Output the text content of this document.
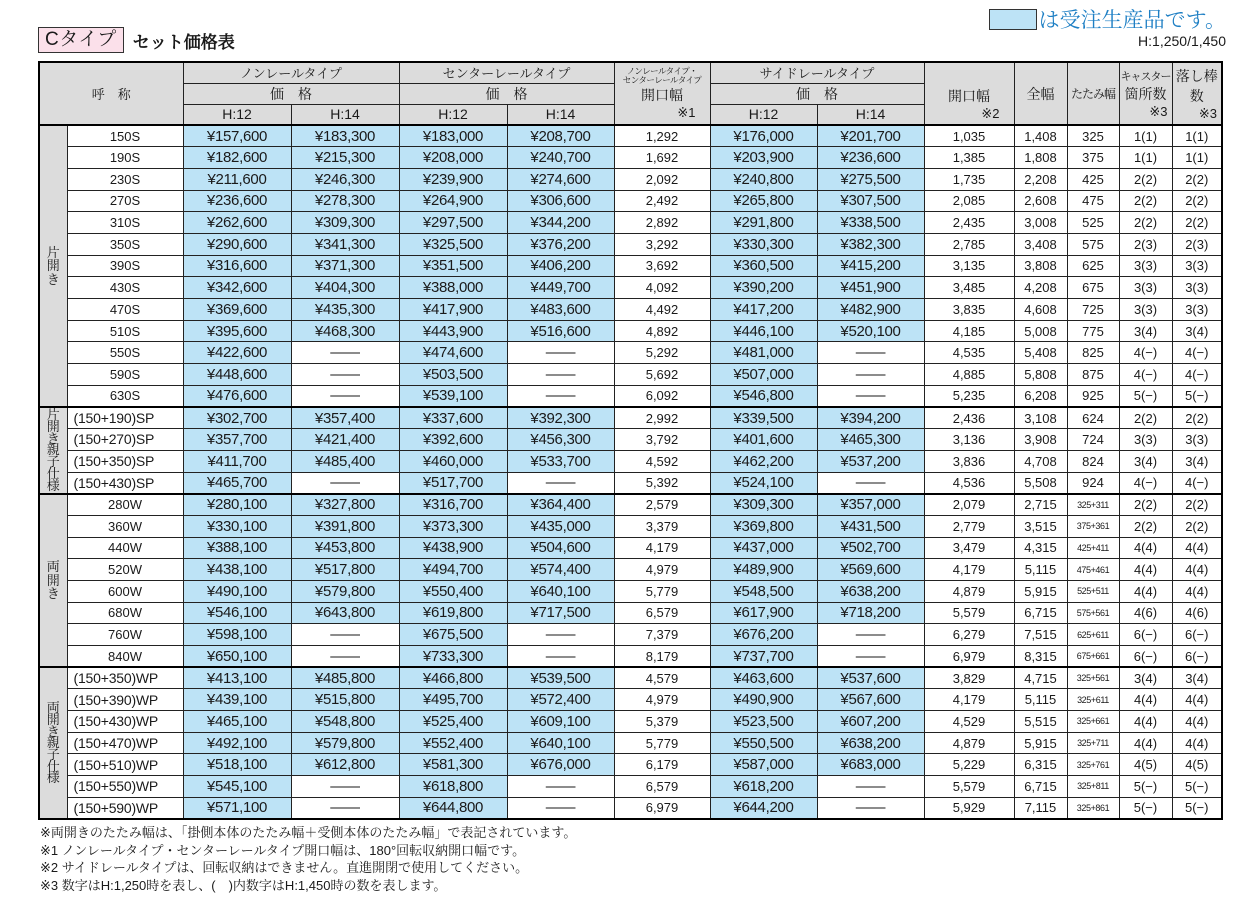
Cタイプ セット価格表
は受注生産品です。
H:1,250/1,450
呼　称		ノンレールタイプ		センターレールタイプ		ノンレールタイプ・
センターレールタイプ
開口幅
※1	サイドレールタイプ		開口幅
※2	全幅	たたみ幅	キャスター
箇所数
※3	落し棒
数
※3

		価　格		価　格			価　格						
		H:12	H:14	H:12	H:14		H:12	H:14					

片
開
き	150S	¥157,600	¥183,300	¥183,000	¥208,700	1,292	¥176,000	¥201,700	1,035	1,408	325	1(1)	1(1)
	190S	¥182,600	¥215,300	¥208,000	¥240,700	1,692	¥203,900	¥236,600	1,385	1,808	375	1(1)	1(1)
	230S	¥211,600	¥246,300	¥239,900	¥274,600	2,092	¥240,800	¥275,500	1,735	2,208	425	2(2)	2(2)
	270S	¥236,600	¥278,300	¥264,900	¥306,600	2,492	¥265,800	¥307,500	2,085	2,608	475	2(2)	2(2)
	310S	¥262,600	¥309,300	¥297,500	¥344,200	2,892	¥291,800	¥338,500	2,435	3,008	525	2(2)	2(2)
	350S	¥290,600	¥341,300	¥325,500	¥376,200	3,292	¥330,300	¥382,300	2,785	3,408	575	2(3)	2(3)
	390S	¥316,600	¥371,300	¥351,500	¥406,200	3,692	¥360,500	¥415,200	3,135	3,808	625	3(3)	3(3)
	430S	¥342,600	¥404,300	¥388,000	¥449,700	4,092	¥390,200	¥451,900	3,485	4,208	675	3(3)	3(3)
	470S	¥369,600	¥435,300	¥417,900	¥483,600	4,492	¥417,200	¥482,900	3,835	4,608	725	3(3)	3(3)
	510S	¥395,600	¥468,300	¥443,900	¥516,600	4,892	¥446,100	¥520,100	4,185	5,008	775	3(4)	3(4)
	550S	¥422,600	——	¥474,600	——	5,292	¥481,000	——	4,535	5,408	825	4(−)	4(−)
	590S	¥448,600	——	¥503,500	——	5,692	¥507,000	——	4,885	5,808	875	4(−)	4(−)
	630S	¥476,600	——	¥539,100	——	6,092	¥546,800	——	5,235	6,208	925	5(−)	5(−)

片
開
き
親
子
仕
様
	(150+190)SP	¥302,700	¥357,400	¥337,600	¥392,300	2,992	¥339,500	¥394,200	2,436	3,108	624	2(2)	2(2)
	(150+270)SP	¥357,700	¥421,400	¥392,600	¥456,300	3,792	¥401,600	¥465,300	3,136	3,908	724	3(3)	3(3)
	(150+350)SP	¥411,700	¥485,400	¥460,000	¥533,700	4,592	¥462,200	¥537,200	3,836	4,708	824	3(4)	3(4)
	(150+430)SP	¥465,700	——	¥517,700	——	5,392	¥524,100	——	4,536	5,508	924	4(−)	4(−)

両
開
き	280W	¥280,100	¥327,800	¥316,700	¥364,400	2,579	¥309,300	¥357,000	2,079	2,715	325+311	2(2)	2(2)
	360W	¥330,100	¥391,800	¥373,300	¥435,000	3,379	¥369,800	¥431,500	2,779	3,515	375+361	2(2)	2(2)
	440W	¥388,100	¥453,800	¥438,900	¥504,600	4,179	¥437,000	¥502,700	3,479	4,315	425+411	4(4)	4(4)
	520W	¥438,100	¥517,800	¥494,700	¥574,400	4,979	¥489,900	¥569,600	4,179	5,115	475+461	4(4)	4(4)
	600W	¥490,100	¥579,800	¥550,400	¥640,100	5,779	¥548,500	¥638,200	4,879	5,915	525+511	4(4)	4(4)
	680W	¥546,100	¥643,800	¥619,800	¥717,500	6,579	¥617,900	¥718,200	5,579	6,715	575+561	4(6)	4(6)
	760W	¥598,100	——	¥675,500	——	7,379	¥676,200	——	6,279	7,515	625+611	6(−)	6(−)
	840W	¥650,100	——	¥733,300	——	8,179	¥737,700	——	6,979	8,315	675+661	6(−)	6(−)

両
開
き
親
子
仕
様
	(150+350)WP	¥413,100	¥485,800	¥466,800	¥539,500	4,579	¥463,600	¥537,600	3,829	4,715	325+561	3(4)	3(4)
	(150+390)WP	¥439,100	¥515,800	¥495,700	¥572,400	4,979	¥490,900	¥567,600	4,179	5,115	325+611	4(4)	4(4)
	(150+430)WP	¥465,100	¥548,800	¥525,400	¥609,100	5,379	¥523,500	¥607,200	4,529	5,515	325+661	4(4)	4(4)
	(150+470)WP	¥492,100	¥579,800	¥552,400	¥640,100	5,779	¥550,500	¥638,200	4,879	5,915	325+711	4(4)	4(4)
	(150+510)WP	¥518,100	¥612,800	¥581,300	¥676,000	6,179	¥587,000	¥683,000	5,229	6,315	325+761	4(5)	4(5)
	(150+550)WP	¥545,100	——	¥618,800	——	6,579	¥618,200	——	5,579	6,715	325+811	5(−)	5(−)
	(150+590)WP	¥571,100	——	¥644,800	——	6,979	¥644,200	——	5,929	7,115	325+861	5(−)	5(−)
※両開きのたたみ幅は、「掛側本体のたたみ幅＋受側本体のたたみ幅」で表記されています。
※1 ノンレールタイプ・センターレールタイプ開口幅は、180°回転収納開口幅です。
※2 サイドレールタイプは、回転収納はできません。直進開閉で使用してください。
※3 数字はH:1,250時を表し、(　)内数字はH:1,450時の数を表します。
